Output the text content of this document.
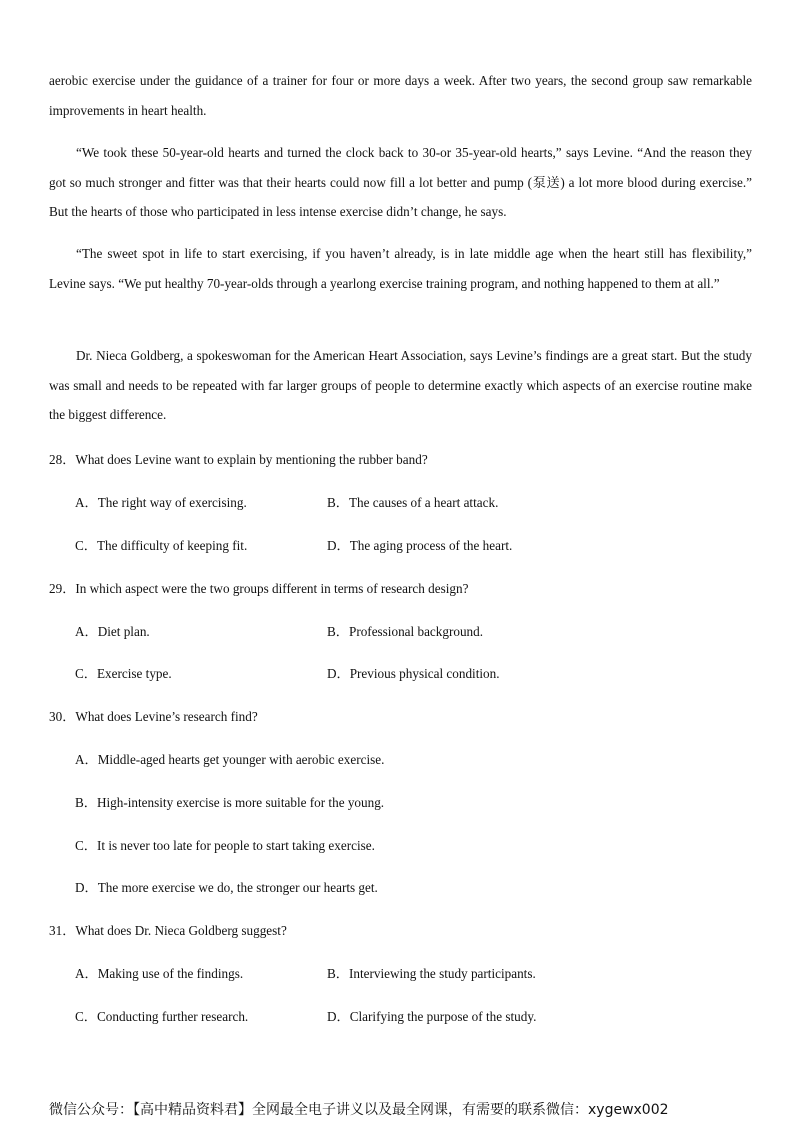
aerobic exercise under the guidance of a trainer for four or more days a week. After two years, the second group saw remarkable improvements in heart health.

“We took these 50-year-old hearts and turned the clock back to 30-or 35-year-old hearts,” says Levine. “And the reason they got so much stronger and fitter was that their hearts could now fill a lot better and pump (泵送) a lot more blood during exercise.” But the hearts of those who participated in less intense exercise didn’t change, he says.

“The sweet spot in life to start exercising, if you haven’t already, is in late middle age when the heart still has flexibility,” Levine says. “We put healthy 70-year-olds through a yearlong exercise training program, and nothing happened to them at all.”

Dr. Nieca Goldberg, a spokeswoman for the American Heart Association, says Levine’s findings are a great start. But the study was small and needs to be repeated with far larger groups of people to determine exactly which aspects of an exercise routine make the biggest difference.

28．What does Levine want to explain by mentioning the rubber band?

A．The right way of exercising.	B．The causes of a heart attack.

C．The difficulty of keeping fit.	D．The aging process of the heart.

29．In which aspect were the two groups different in terms of research design?

A．Diet plan.	B．Professional background.

C．Exercise type.	D．Previous physical condition.

30．What does Levine’s research find?

A．Middle-aged hearts get younger with aerobic exercise.

B．High-intensity exercise is more suitable for the young.

C．It is never too late for people to start taking exercise.

D．The more exercise we do, the stronger our hearts get.

31．What does Dr. Nieca Goldberg suggest?

A．Making use of the findings.	B．Interviewing the study participants.

C．Conducting further research.	D．Clarifying the purpose of the study.

微信公众号：【高中精品资料君】全网最全电子讲义以及最全网课，有需要的联系微信：xygewx002
